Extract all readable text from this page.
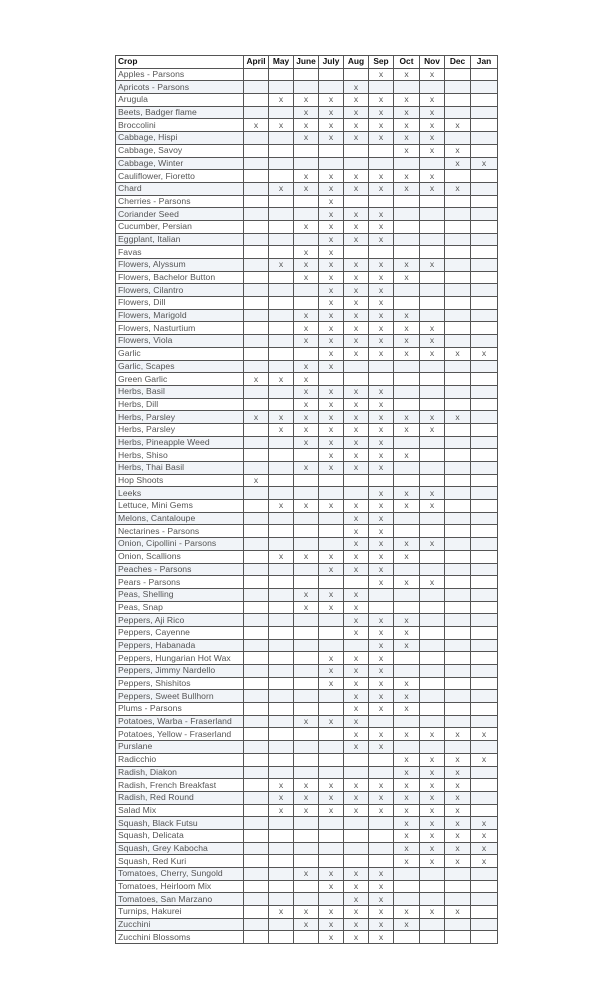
Crop	April	May	June	July	Aug	Sep	Oct	Nov	Dec	Jan
Apples - Parsons						x	x	x		
Apricots - Parsons					x					
Arugula		x	x	x	x	x	x	x		
Beets, Badger flame			x	x	x	x	x	x		
Broccolini	x	x	x	x	x	x	x	x	x	
Cabbage, Hispi			x	x	x	x	x	x		
Cabbage, Savoy							x	x	x	
Cabbage, Winter									x	x
Cauliflower, Fioretto			x	x	x	x	x	x		
Chard		x	x	x	x	x	x	x	x	
Cherries - Parsons				x						
Coriander Seed				x	x	x				
Cucumber, Persian			x	x	x	x				
Eggplant, Italian				x	x	x				
Favas			x	x						
Flowers, Alyssum		x	x	x	x	x	x	x		
Flowers, Bachelor Button			x	x	x	x	x			
Flowers, Cilantro				x	x	x				
Flowers, Dill				x	x	x				
Flowers, Marigold			x	x	x	x	x			
Flowers, Nasturtium			x	x	x	x	x	x		
Flowers, Viola			x	x	x	x	x	x		
Garlic				x	x	x	x	x	x	x
Garlic, Scapes			x	x						
Green Garlic	x	x	x							
Herbs, Basil			x	x	x	x				
Herbs, Dill			x	x	x	x				
Herbs, Parsley	x	x	x	x	x	x	x	x	x	
Herbs, Parsley		x	x	x	x	x	x	x		
Herbs, Pineapple Weed			x	x	x	x				
Herbs, Shiso				x	x	x	x			
Herbs, Thai Basil			x	x	x	x				
Hop Shoots	x									
Leeks						x	x	x		
Lettuce, Mini Gems		x	x	x	x	x	x	x		
Melons, Cantaloupe					x	x				
Nectarines - Parsons					x	x				
Onion, Cipollini - Parsons					x	x	x	x		
Onion, Scallions		x	x	x	x	x	x			
Peaches - Parsons				x	x	x				
Pears - Parsons						x	x	x		
Peas, Shelling			x	x	x					
Peas, Snap			x	x	x					
Peppers, Aji Rico					x	x	x			
Peppers, Cayenne					x	x	x			
Peppers, Habanada						x	x			
Peppers, Hungarian Hot Wax				x	x	x				
Peppers, Jimmy Nardello				x	x	x				
Peppers, Shishitos				x	x	x	x			
Peppers, Sweet Bullhorn					x	x	x			
Plums - Parsons					x	x	x			
Potatoes, Warba - Fraserland			x	x	x					
Potatoes, Yellow - Fraserland					x	x	x	x	x	x
Purslane					x	x				
Radicchio							x	x	x	x
Radish, Diakon							x	x	x	
Radish, French Breakfast		x	x	x	x	x	x	x	x	
Radish, Red Round		x	x	x	x	x	x	x	x	
Salad Mix		x	x	x	x	x	x	x	x	
Squash, Black Futsu							x	x	x	x
Squash, Delicata							x	x	x	x
Squash, Grey Kabocha							x	x	x	x
Squash, Red Kuri							x	x	x	x
Tomatoes, Cherry, Sungold			x	x	x	x				
Tomatoes, Heirloom Mix				x	x	x				
Tomatoes, San Marzano					x	x				
Turnips, Hakurei		x	x	x	x	x	x	x	x	
Zucchini			x	x	x	x	x			
Zucchini Blossoms				x	x	x				
